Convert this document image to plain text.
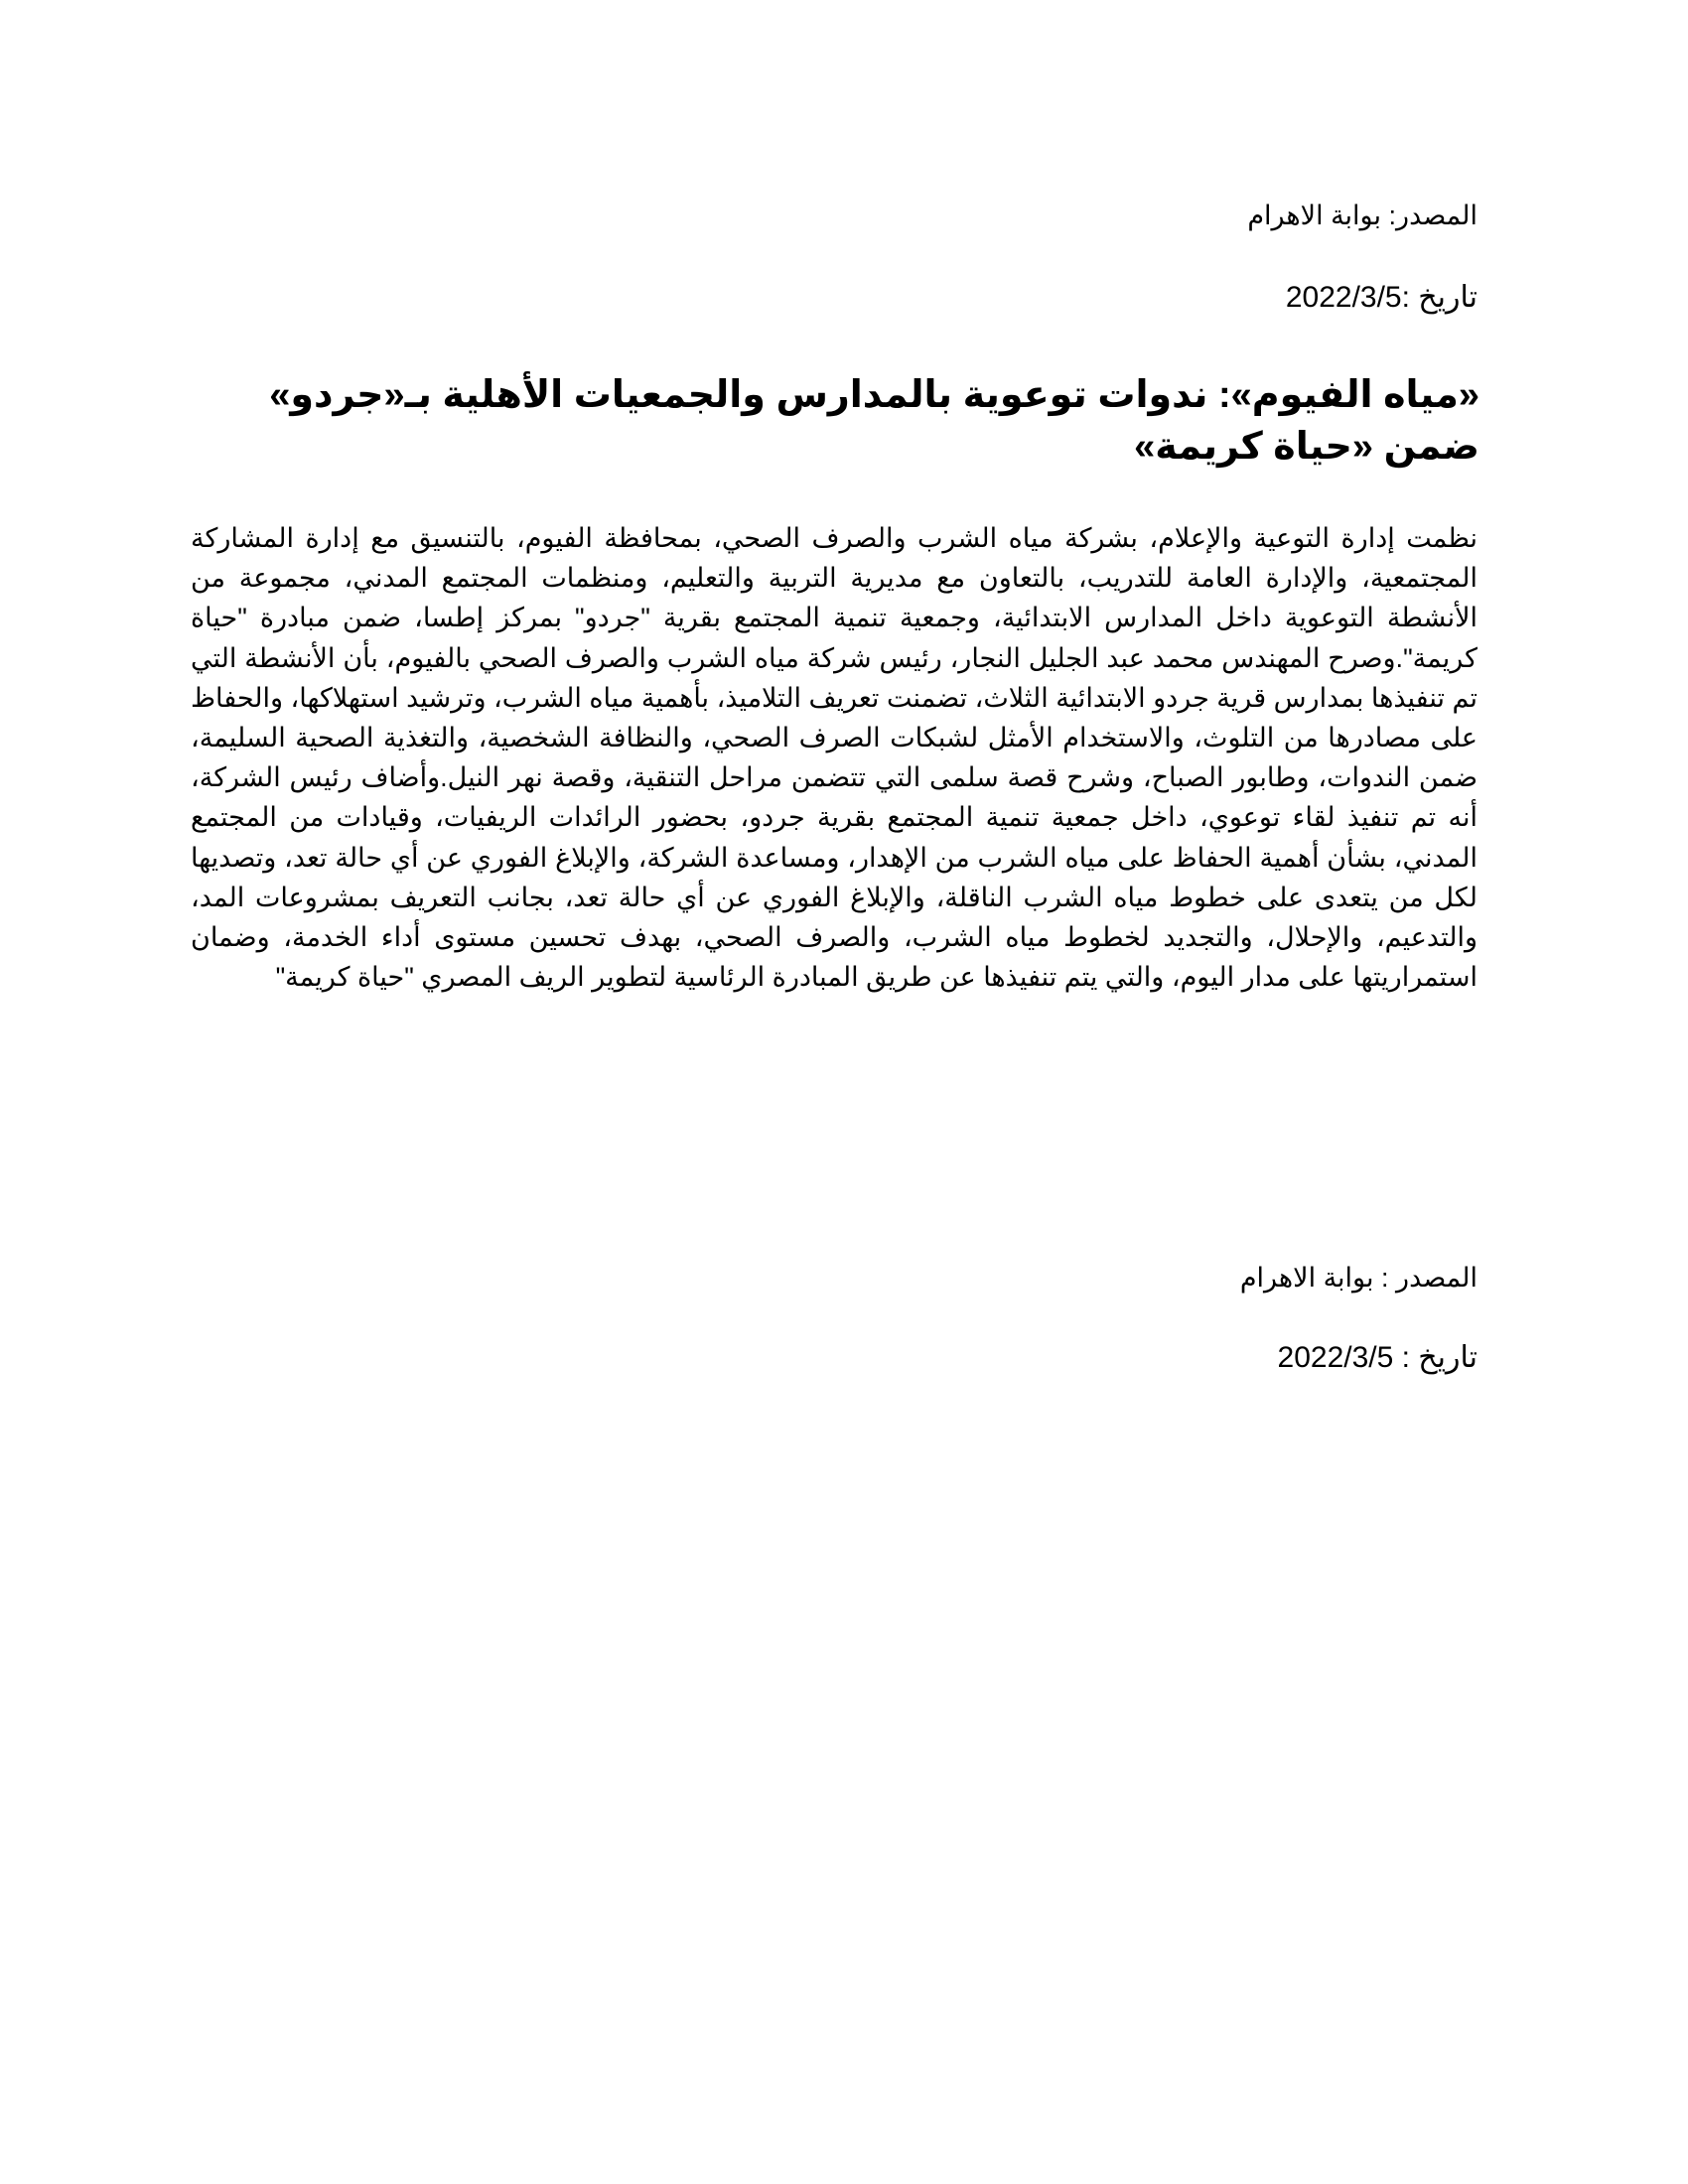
المصدر: بوابة الاهرام
تاريخ :2022/3/5
«مياه الفيوم»: ندوات توعوية بالمدارس والجمعيات الأهلية بـ«جردو» ضمن «حياة كريمة»

نظمت إدارة التوعية والإعلام، بشركة مياه الشرب والصرف الصحي، بمحافظة الفيوم، بالتنسيق مع إدارة المشاركة المجتمعية، والإدارة العامة للتدريب، بالتعاون مع مديرية التربية والتعليم، ومنظمات المجتمع المدني، مجموعة من الأنشطة التوعوية داخل المدارس الابتدائية، وجمعية تنمية المجتمع بقرية "جردو" بمركز إطسا، ضمن مبادرة "حياة كريمة".وصرح المهندس محمد عبد الجليل النجار، رئيس شركة مياه الشرب والصرف الصحي بالفيوم، بأن الأنشطة التي تم تنفيذها بمدارس قرية جردو الابتدائية الثلاث، تضمنت تعريف التلاميذ، بأهمية مياه الشرب، وترشيد استهلاكها، والحفاظ على مصادرها من التلوث، والاستخدام الأمثل لشبكات الصرف الصحي، والنظافة الشخصية، والتغذية الصحية السليمة، ضمن الندوات، وطابور الصباح، وشرح قصة سلمى التي تتضمن مراحل التنقية، وقصة نهر النيل.وأضاف رئيس الشركة، أنه تم تنفيذ لقاء توعوي، داخل جمعية تنمية المجتمع بقرية جردو، بحضور الرائدات الريفيات، وقيادات من المجتمع المدني، بشأن أهمية الحفاظ على مياه الشرب من الإهدار، ومساعدة الشركة، والإبلاغ الفوري عن أي حالة تعد، وتصديها لكل من يتعدى على خطوط مياه الشرب الناقلة، والإبلاغ الفوري عن أي حالة تعد، بجانب التعريف بمشروعات المد، والتدعيم، والإحلال، والتجديد لخطوط مياه الشرب، والصرف الصحي، بهدف تحسين مستوى أداء الخدمة، وضمان استمراريتها على مدار اليوم، والتي يتم تنفيذها عن طريق المبادرة الرئاسية لتطوير الريف المصري "حياة كريمة"

المصدر : بوابة الاهرام
تاريخ : 2022/3/5
